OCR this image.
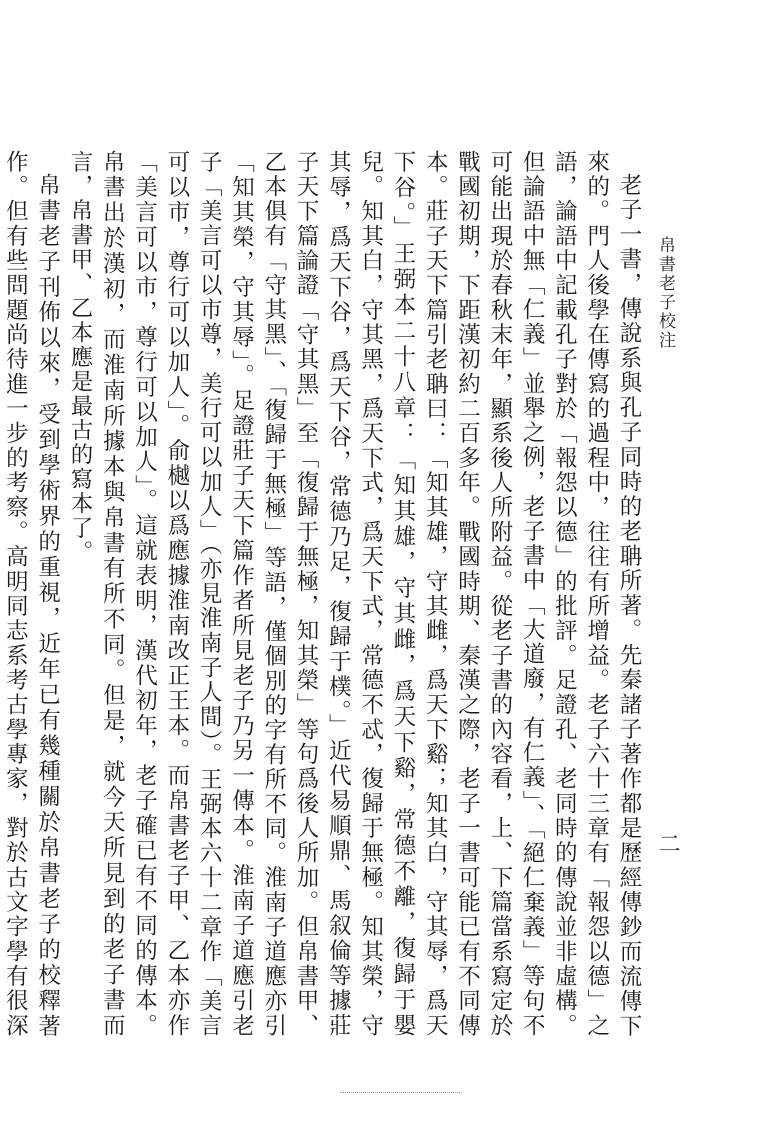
帛書老子校注
二

老子一書，傳說系與孔子同時的老聃所著。先秦諸子著作都是歷經傳鈔而流傳下來的。門人後學在傳寫的過程中，往往有所增益。老子六十三章有「報怨以德」之語，論語中記載孔子對於「報怨以德」的批評。足證孔、老同時的傳說並非虛構。但論語中無「仁義」並舉之例，老子書中「大道廢，有仁義」、「絕仁棄義」等句不可能出現於春秋末年，顯系後人所附益。從老子書的內容看，上、下篇當系寫定於戰國初期，下距漢初約二百多年。戰國時期、秦漢之際，老子一書可能已有不同傳本。莊子天下篇引老聃曰：「知其雄，守其雌，爲天下谿；知其白，守其辱，爲天下谷。」王弼本二十八章：「知其雄，守其雌，爲天下谿，常德不離，復歸于嬰兒。知其白，守其黑，爲天下式，爲天下式，常德不忒，復歸于無極。知其榮，守其辱，爲天下谷，爲天下谷，常德乃足，復歸于樸。」近代易順鼎、馬叙倫等據莊子天下篇論證「守其黑」至「復歸于無極，知其榮」等句爲後人所加。但帛書甲、乙本俱有「守其黑」、「復歸于無極」等語，僅個別的字有所不同。淮南子道應亦引「知其榮，守其辱」。足證莊子天下篇作者所見老子乃另一傳本。淮南子道應引老子「美言可以市尊，美行可以加人」（亦見淮南子人間）。王弼本六十二章作「美言可以市，尊行可以加人」。俞樾以爲應據淮南改正王本。而帛書老子甲、乙本亦作「美言可以市，尊行可以加人」。這就表明，漢代初年，老子確已有不同的傳本。帛書出於漢初，而淮南所據本與帛書有所不同。但是，就今天所見到的老子書而言，帛書甲、乙本應是最古的寫本了。

帛書老子刊佈以來，受到學術界的重視，近年已有幾種關於帛書老子的校釋著作。但有些問題尚待進一步的考察。高明同志系考古學專家，對於古文字學有很深
